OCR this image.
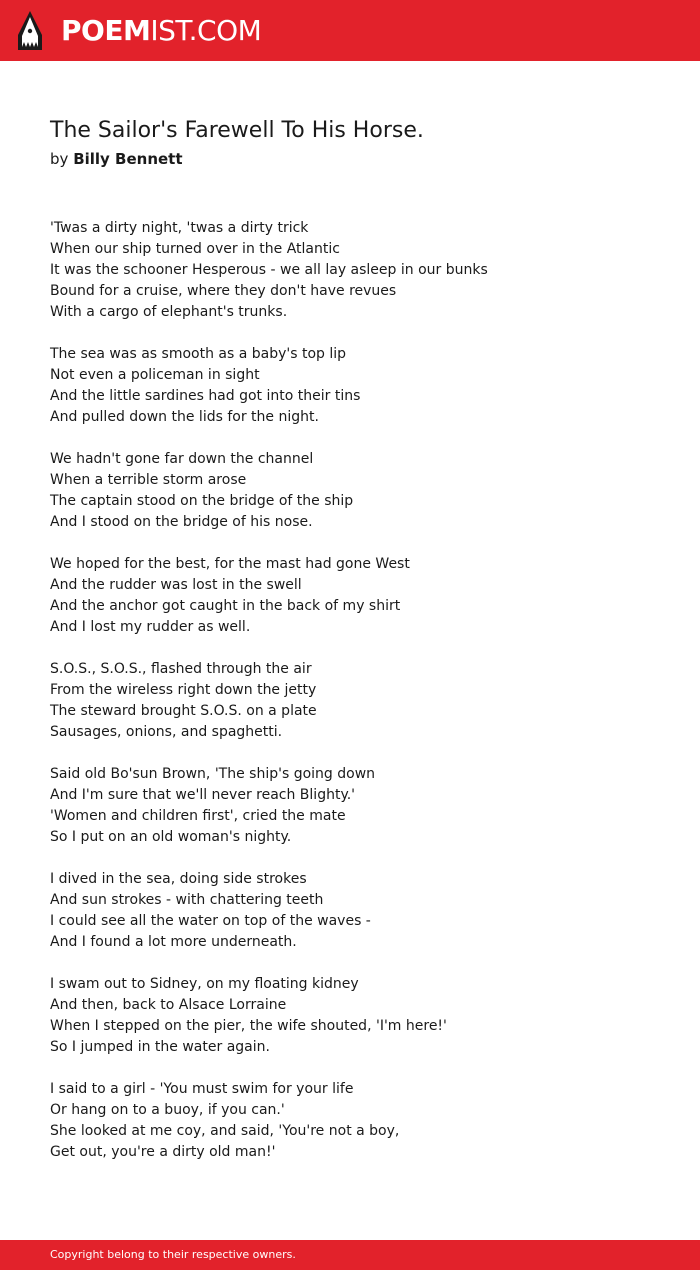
POEMIST.COM
The Sailor's Farewell To His Horse.
by Billy Bennett
'Twas a dirty night, 'twas a dirty trick
When our ship turned over in the Atlantic
It was the schooner Hesperous - we all lay asleep in our bunks
Bound for a cruise, where they don't have revues
With a cargo of elephant's trunks.
The sea was as smooth as a baby's top lip
Not even a policeman in sight
And the little sardines had got into their tins
And pulled down the lids for the night.
We hadn't gone far down the channel
When a terrible storm arose
The captain stood on the bridge of the ship
And I stood on the bridge of his nose.
We hoped for the best, for the mast had gone West
And the rudder was lost in the swell
And the anchor got caught in the back of my shirt
And I lost my rudder as well.
S.O.S., S.O.S., flashed through the air
From the wireless right down the jetty
The steward brought S.O.S. on a plate
Sausages, onions, and spaghetti.
Said old Bo'sun Brown, 'The ship's going down
And I'm sure that we'll never reach Blighty.'
'Women and children first', cried the mate
So I put on an old woman's nighty.
I dived in the sea, doing side strokes
And sun strokes - with chattering teeth
I could see all the water on top of the waves -
And I found a lot more underneath.
I swam out to Sidney, on my floating kidney
And then, back to Alsace Lorraine
When I stepped on the pier, the wife shouted, 'I'm here!'
So I jumped in the water again.
I said to a girl - 'You must swim for your life
Or hang on to a buoy, if you can.'
She looked at me coy, and said, 'You're not a boy,
Get out, you're a dirty old man!'
Copyright belong to their respective owners.
